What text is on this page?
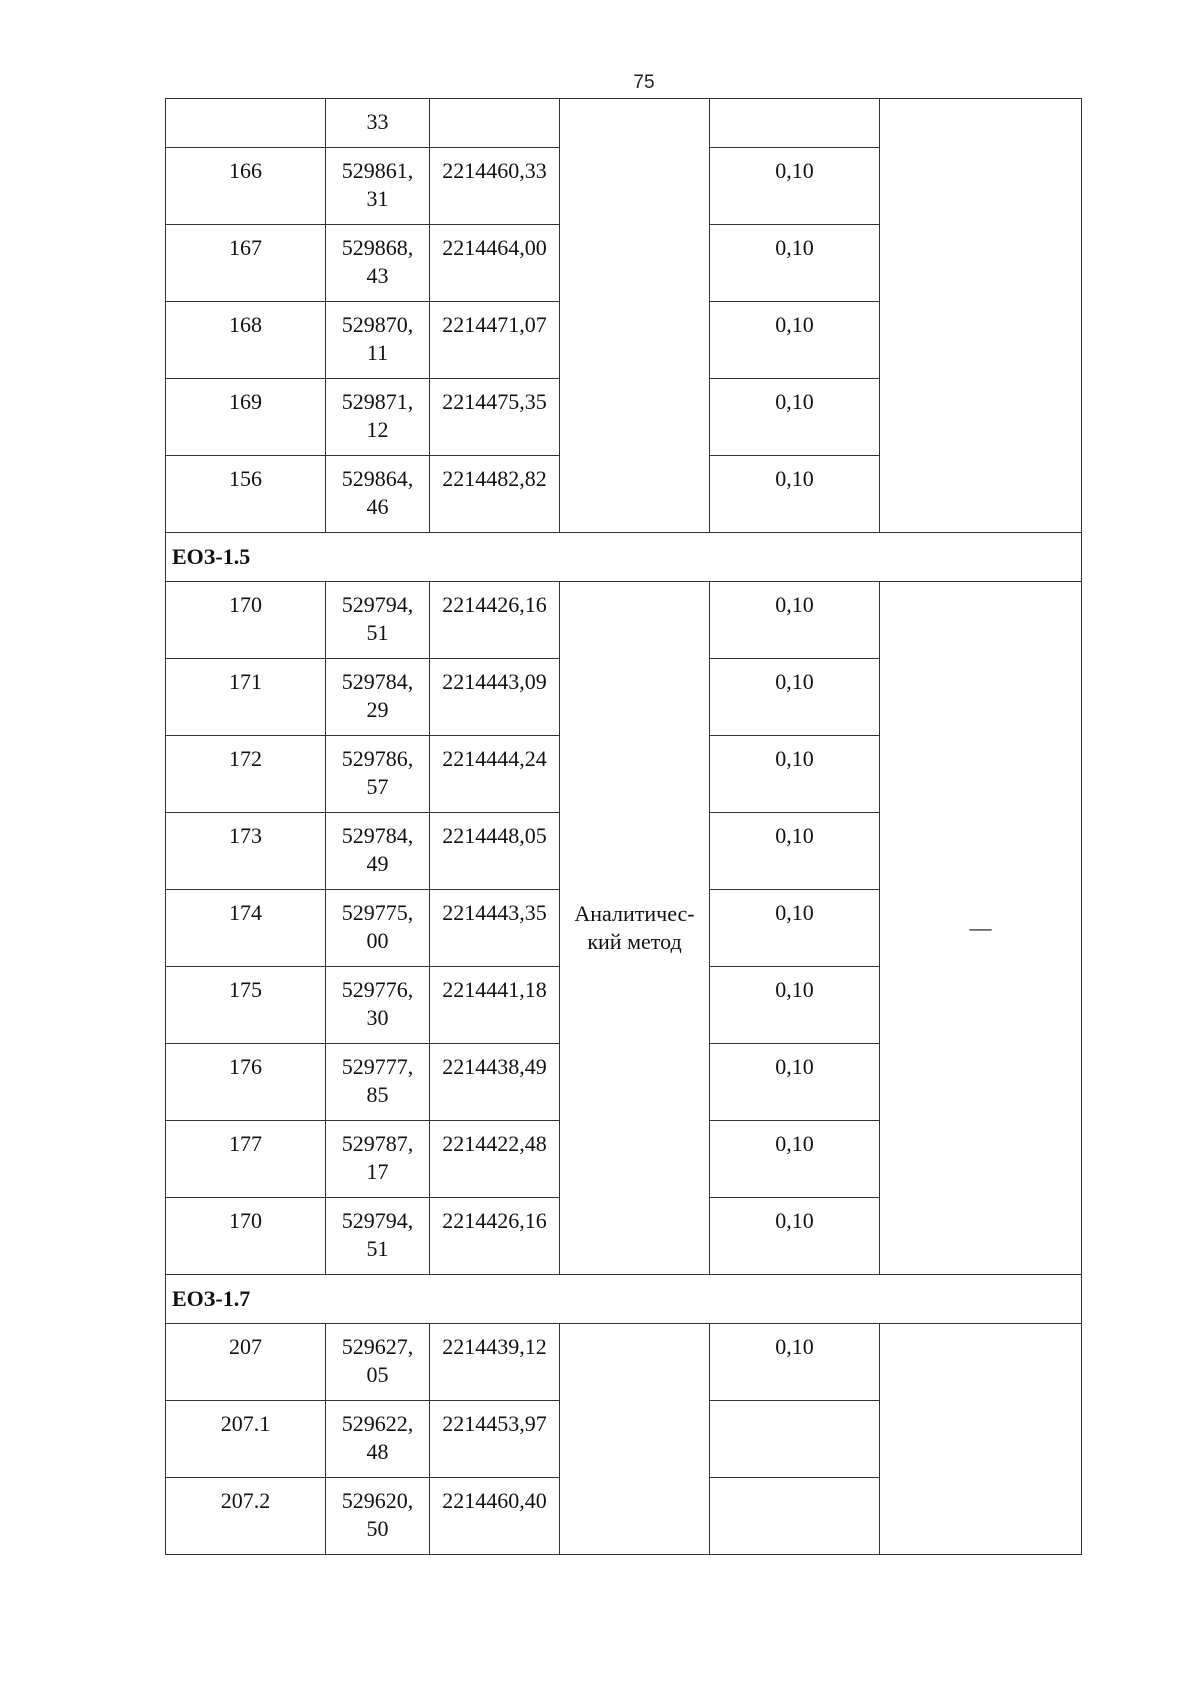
75

	33				

166	529861,
31	2214460,33		0,10	
167	529868,
43	2214464,00		0,10	
168	529870,
11	2214471,07		0,10	
169	529871,
12	2214475,35		0,10	
156	529864,
46	2214482,82		0,10	
ЕОЗ-1.5					
170	529794,
51	2214426,16	Аналитичес-
кий метод	0,10	—
171	529784,
29	2214443,09		0,10	
172	529786,
57	2214444,24		0,10	
173	529784,
49	2214448,05		0,10	
174	529775,
00	2214443,35		0,10	
175	529776,
30	2214441,18		0,10	
176	529777,
85	2214438,49		0,10	
177	529787,
17	2214422,48		0,10	
170	529794,
51	2214426,16		0,10	
ЕОЗ-1.7					
207	529627,
05	2214439,12		0,10	
207.1	529622,
48	2214453,97			
207.2	529620,
50	2214460,40			
